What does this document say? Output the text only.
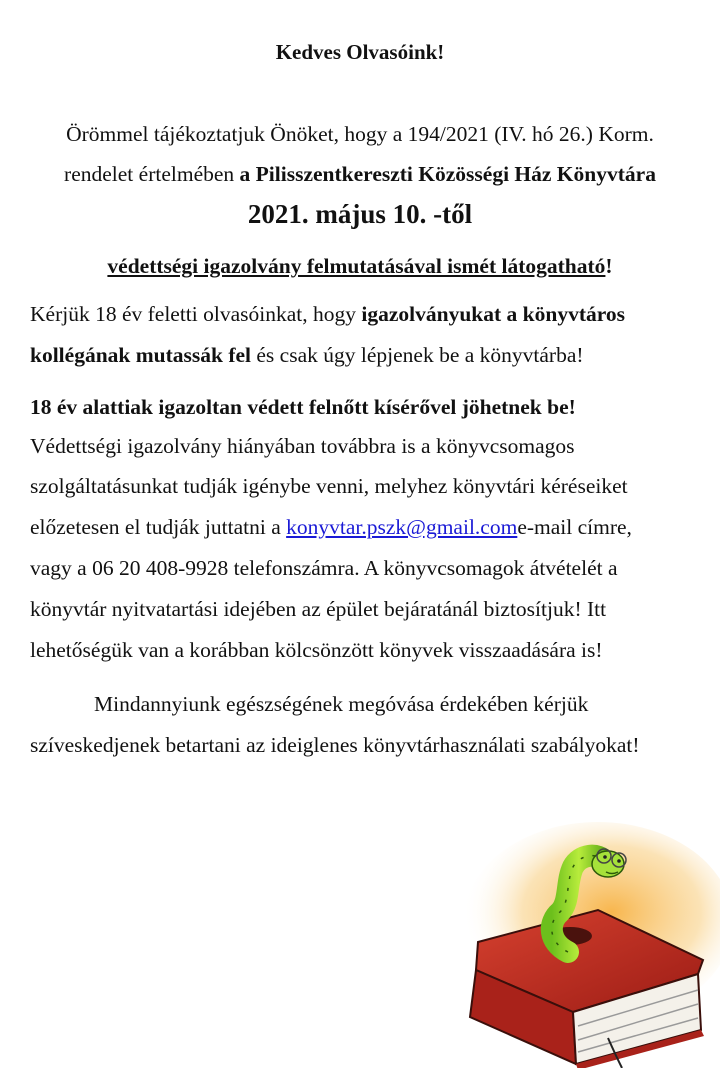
Kedves Olvasóink!
Örömmel tájékoztatjuk Önöket, hogy a 194/2021 (IV. hó 26.) Korm.
rendelet értelmében a Pilisszentkereszti Közösségi Ház Könyvtára
2021. május 10. -től
védettségi igazolvány felmutatásával ismét látogatható!
Kérjük 18 év feletti olvasóinkat, hogy igazolványukat a könyvtáros
kollégának mutassák fel és csak úgy lépjenek be a könyvtárba!
18 év alattiak igazoltan védett felnőtt kísérővel jöhetnek be!
Védettségi igazolvány hiányában továbbra is a könyvcsomagos
szolgáltatásunkat tudják igénybe venni, melyhez könyvtári kéréseiket
előzetesen el tudják juttatni a konyvtar.pszk@gmail.come-mail címre,
vagy a 06 20 408-9928 telefonszámra. A könyvcsomagok átvételét a
könyvtár nyitvatartási idejében az épület bejáratánál biztosítjuk! Itt
lehetőségük van a korábban kölcsönzött könyvek visszaadására is!
Mindannyiunk egészségének megóvása érdekében kérjük
szíveskedjenek betartani az ideiglenes könyvtárhasználati szabályokat!
